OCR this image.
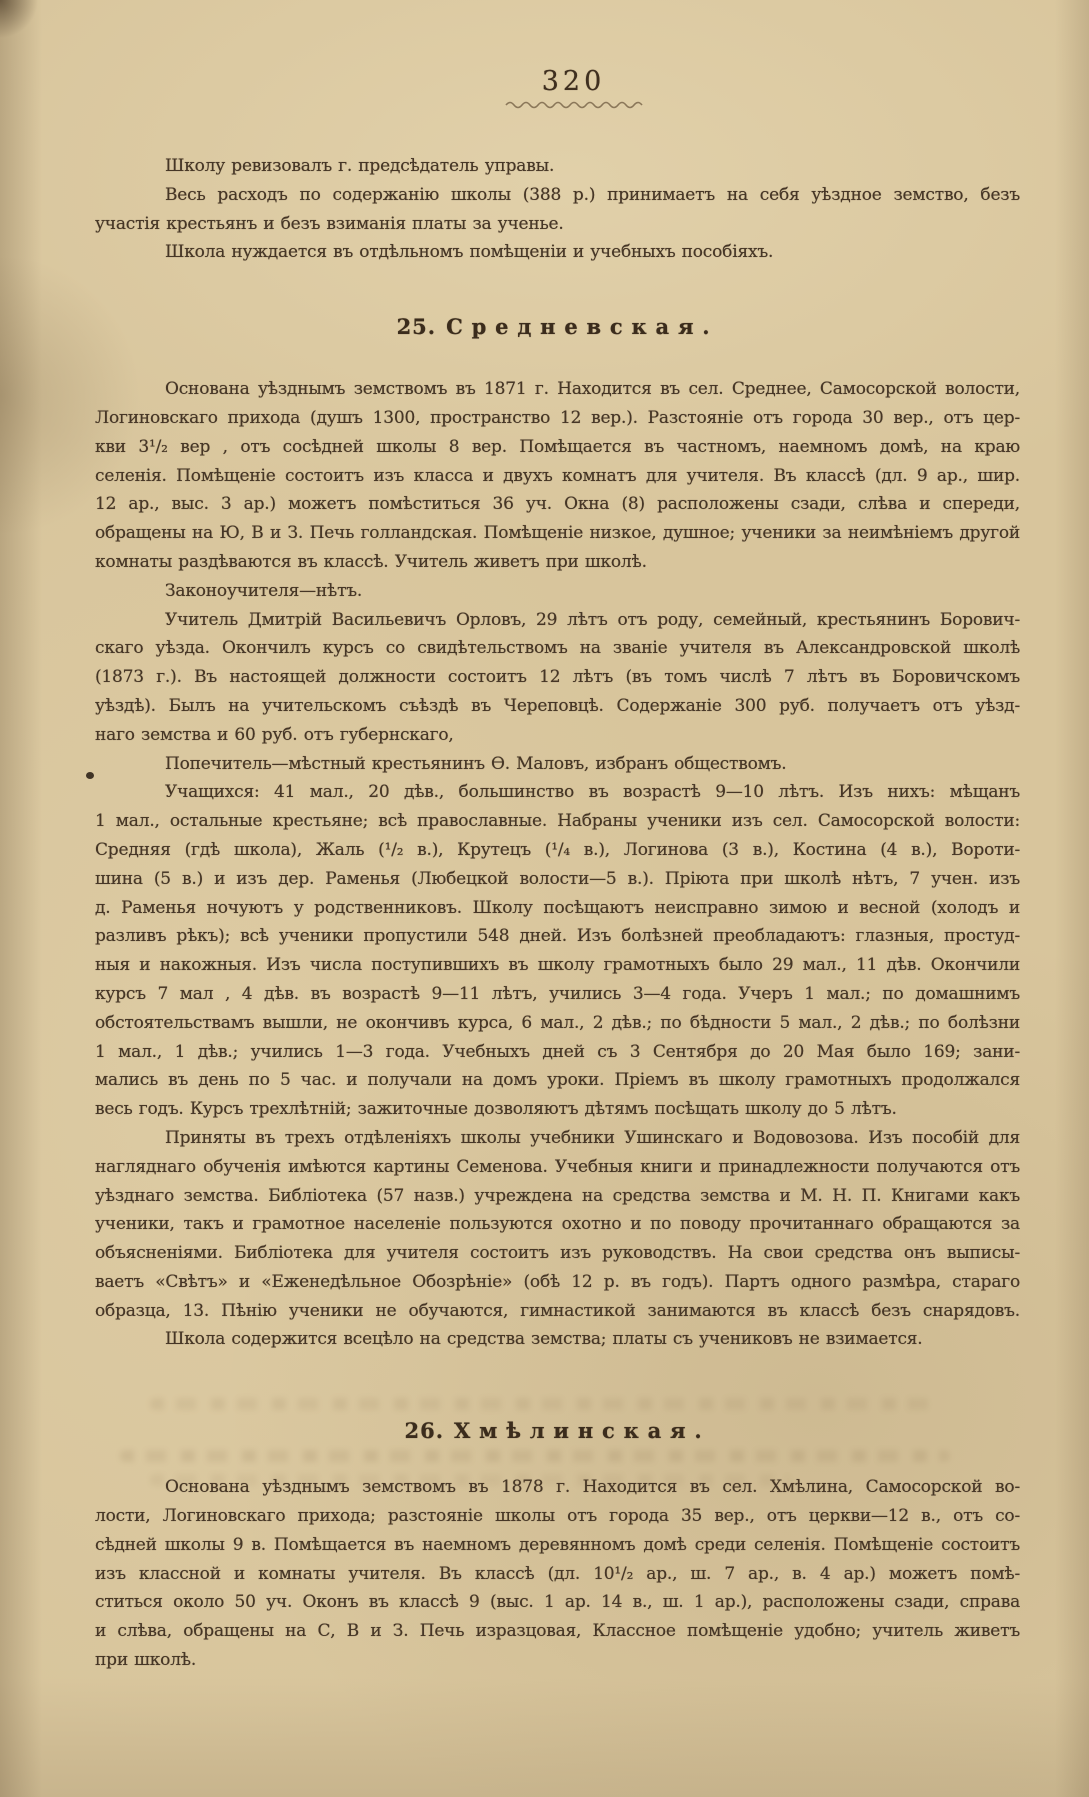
320
Школу ревизовалъ г. предсѣдатель управы.
Весь расходъ по содержанію школы (388 р.) принимаетъ на себя уѣздное земство, безъ
участія крестьянъ и безъ взиманія платы за ученье.
Школа нуждается въ отдѣльномъ помѣщеніи и учебныхъ пособіяхъ.
25. Средневская.
Основана уѣзднымъ земствомъ въ 1871 г. Находится въ сел. Среднее, Самосорской волости,
Логиновскаго прихода (душъ 1300, пространство 12 вер.). Разстояніе отъ города 30 вер., отъ цер-
кви 3¹/₂ вер , отъ сосѣдней школы 8 вер. Помѣщается въ частномъ, наемномъ домѣ, на краю
селенія. Помѣщеніе состоитъ изъ класса и двухъ комнатъ для учителя. Въ классѣ (дл. 9 ар., шир.
12 ар., выс. 3 ар.) можетъ помѣститься 36 уч. Окна (8) расположены сзади, слѣва и спереди,
обращены на Ю, В и З. Печь голландская. Помѣщеніе низкое, душное; ученики за неимѣніемъ другой
комнаты раздѣваются въ классѣ. Учитель живетъ при школѣ.
Законоучителя—нѣтъ.
Учитель Дмитрій Васильевичъ Орловъ, 29 лѣтъ отъ роду, семейный, крестьянинъ Борович-
скаго уѣзда. Окончилъ курсъ со свидѣтельствомъ на званіе учителя въ Александровской школѣ
(1873 г.). Въ настоящей должности состоитъ 12 лѣтъ (въ томъ числѣ 7 лѣтъ въ Боровичскомъ
уѣздѣ). Былъ на учительскомъ съѣздѣ въ Череповцѣ. Содержаніе 300 руб. получаетъ отъ уѣзд-
наго земства и 60 руб. отъ губернскаго,
Попечитель—мѣстный крестьянинъ Ѳ. Маловъ, избранъ обществомъ.
Учащихся: 41 мал., 20 дѣв., большинство въ возрастѣ 9—10 лѣтъ. Изъ нихъ: мѣщанъ
1 мал., остальные крестьяне; всѣ православные. Набраны ученики изъ сел. Самосорской волости:
Средняя (гдѣ школа), Жаль (¹/₂ в.), Крутецъ (¹/₄ в.), Логинова (3 в.), Костина (4 в.), Вороти-
шина (5 в.) и изъ дер. Раменья (Любецкой волости—5 в.). Пріюта при школѣ нѣтъ, 7 учен. изъ
д. Раменья ночуютъ у родственниковъ. Школу посѣщаютъ неисправно зимою и весной (холодъ и
разливъ рѣкъ); всѣ ученики пропустили 548 дней. Изъ болѣзней преобладаютъ: глазныя, простуд-
ныя и накожныя. Изъ числа поступившихъ въ школу грамотныхъ было 29 мал., 11 дѣв. Окончили
курсъ 7 мал , 4 дѣв. въ возрастѣ 9—11 лѣтъ, учились 3—4 года. Учеръ 1 мал.; по домашнимъ
обстоятельствамъ вышли, не окончивъ курса, 6 мал., 2 дѣв.; по бѣдности 5 мал., 2 дѣв.; по болѣзни
1 мал., 1 дѣв.; учились 1—3 года. Учебныхъ дней съ 3 Сентября до 20 Мая было 169; зани-
мались въ день по 5 час. и получали на домъ уроки. Пріемъ въ школу грамотныхъ продолжался
весь годъ. Курсъ трехлѣтній; зажиточные дозволяютъ дѣтямъ посѣщать школу до 5 лѣтъ.
Приняты въ трехъ отдѣленіяхъ школы учебники Ушинскаго и Водовозова. Изъ пособій для
нагляднаго обученія имѣются картины Семенова. Учебныя книги и принадлежности получаются отъ
уѣзднаго земства. Библіотека (57 назв.) учреждена на средства земства и М. Н. П. Книгами какъ
ученики, такъ и грамотное населеніе пользуются охотно и по поводу прочитаннаго обращаются за
объясненіями. Библіотека для учителя состоитъ изъ руководствъ. На свои средства онъ выписы-
ваетъ «Свѣтъ» и «Еженедѣльное Обозрѣніе» (обѣ 12 р. въ годъ). Партъ одного размѣра, стараго
образца, 13. Пѣнію ученики не обучаются, гимнастикой занимаются въ классѣ безъ снарядовъ.
Школа содержится всецѣло на средства земства; платы съ учениковъ не взимается.
26. Хмѣлинская.
Основана уѣзднымъ земствомъ въ 1878 г. Находится въ сел. Хмѣлина, Самосорской во-
лости, Логиновскаго прихода; разстояніе школы отъ города 35 вер., отъ церкви—12 в., отъ со-
сѣдней школы 9 в. Помѣщается въ наемномъ деревянномъ домѣ среди селенія. Помѣщеніе состоитъ
изъ классной и комнаты учителя. Въ классѣ (дл. 10¹/₂ ар., ш. 7 ар., в. 4 ар.) можетъ помѣ-
ститься около 50 уч. Оконъ въ классѣ 9 (выс. 1 ар. 14 в., ш. 1 ар.), расположены сзади, справа
и слѣва, обращены на С, В и З. Печь изразцовая, Классное помѣщеніе удобно; учитель живетъ
при школѣ.
